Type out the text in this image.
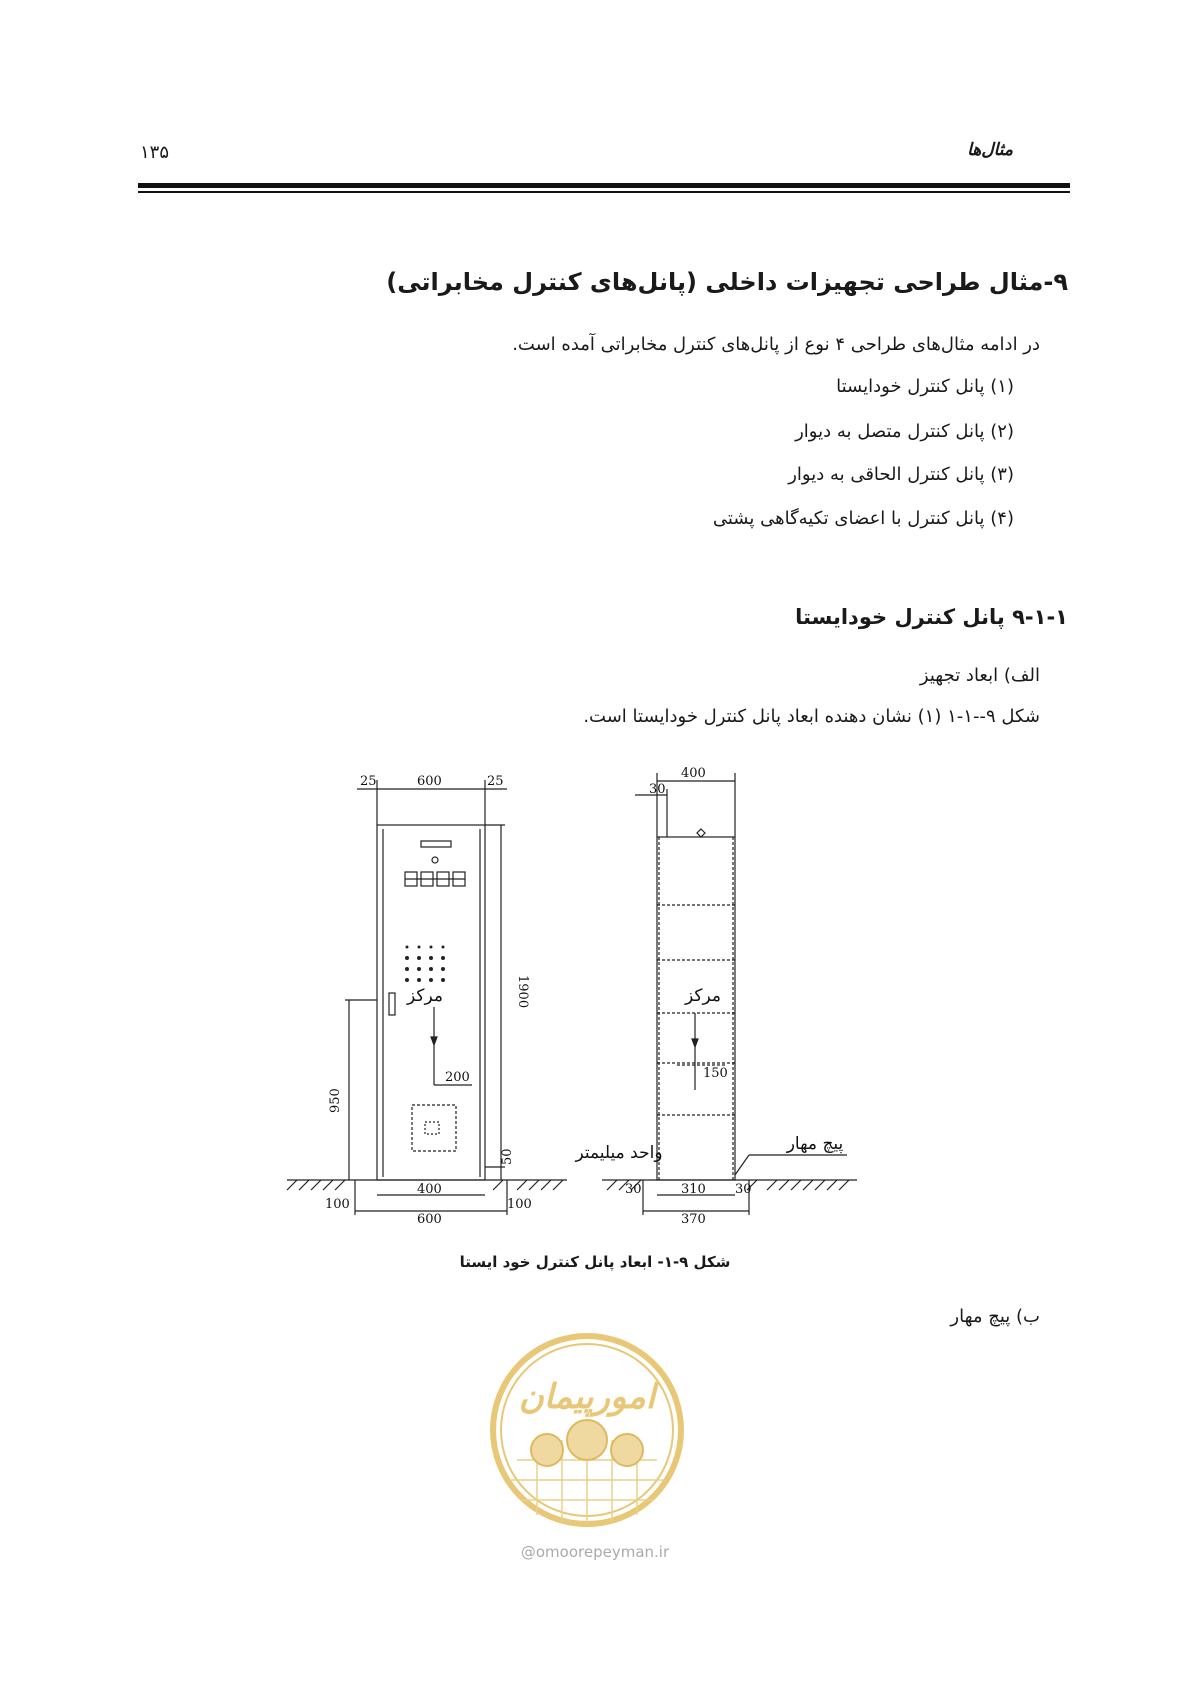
مثال‌ها
۱۳۵
۹-مثال طراحی تجهیزات داخلی (پانل‌های کنترل مخابراتی)
در ادامه مثال‌های طراحی ۴ نوع از پانل‌های کنترل مخابراتی آمده است.
(۱) پانل کنترل خودایستا
(۲) پانل کنترل متصل به دیوار
(۳) پانل کنترل الحاقی به دیوار
(۴) پانل کنترل با اعضای تکیه‌گاهی پشتی
۹-۱-۱ پانل کنترل خودایستا
الف) ابعاد تجهیز
شکل ۹--۱-۱ (۱) نشان دهنده ابعاد پانل کنترل خودایستا است.
25	600	25
1900
950
200
50
100
400
100
600
مرکز
400
30
150
30	310 30
370
مرکز
پیچ مهار
واحد میلیمتر
شکل ۹-۱- ابعاد پانل کنترل خود ایستا
ب) پیچ مهار
امورپیمان
@omoorepeyman.ir
